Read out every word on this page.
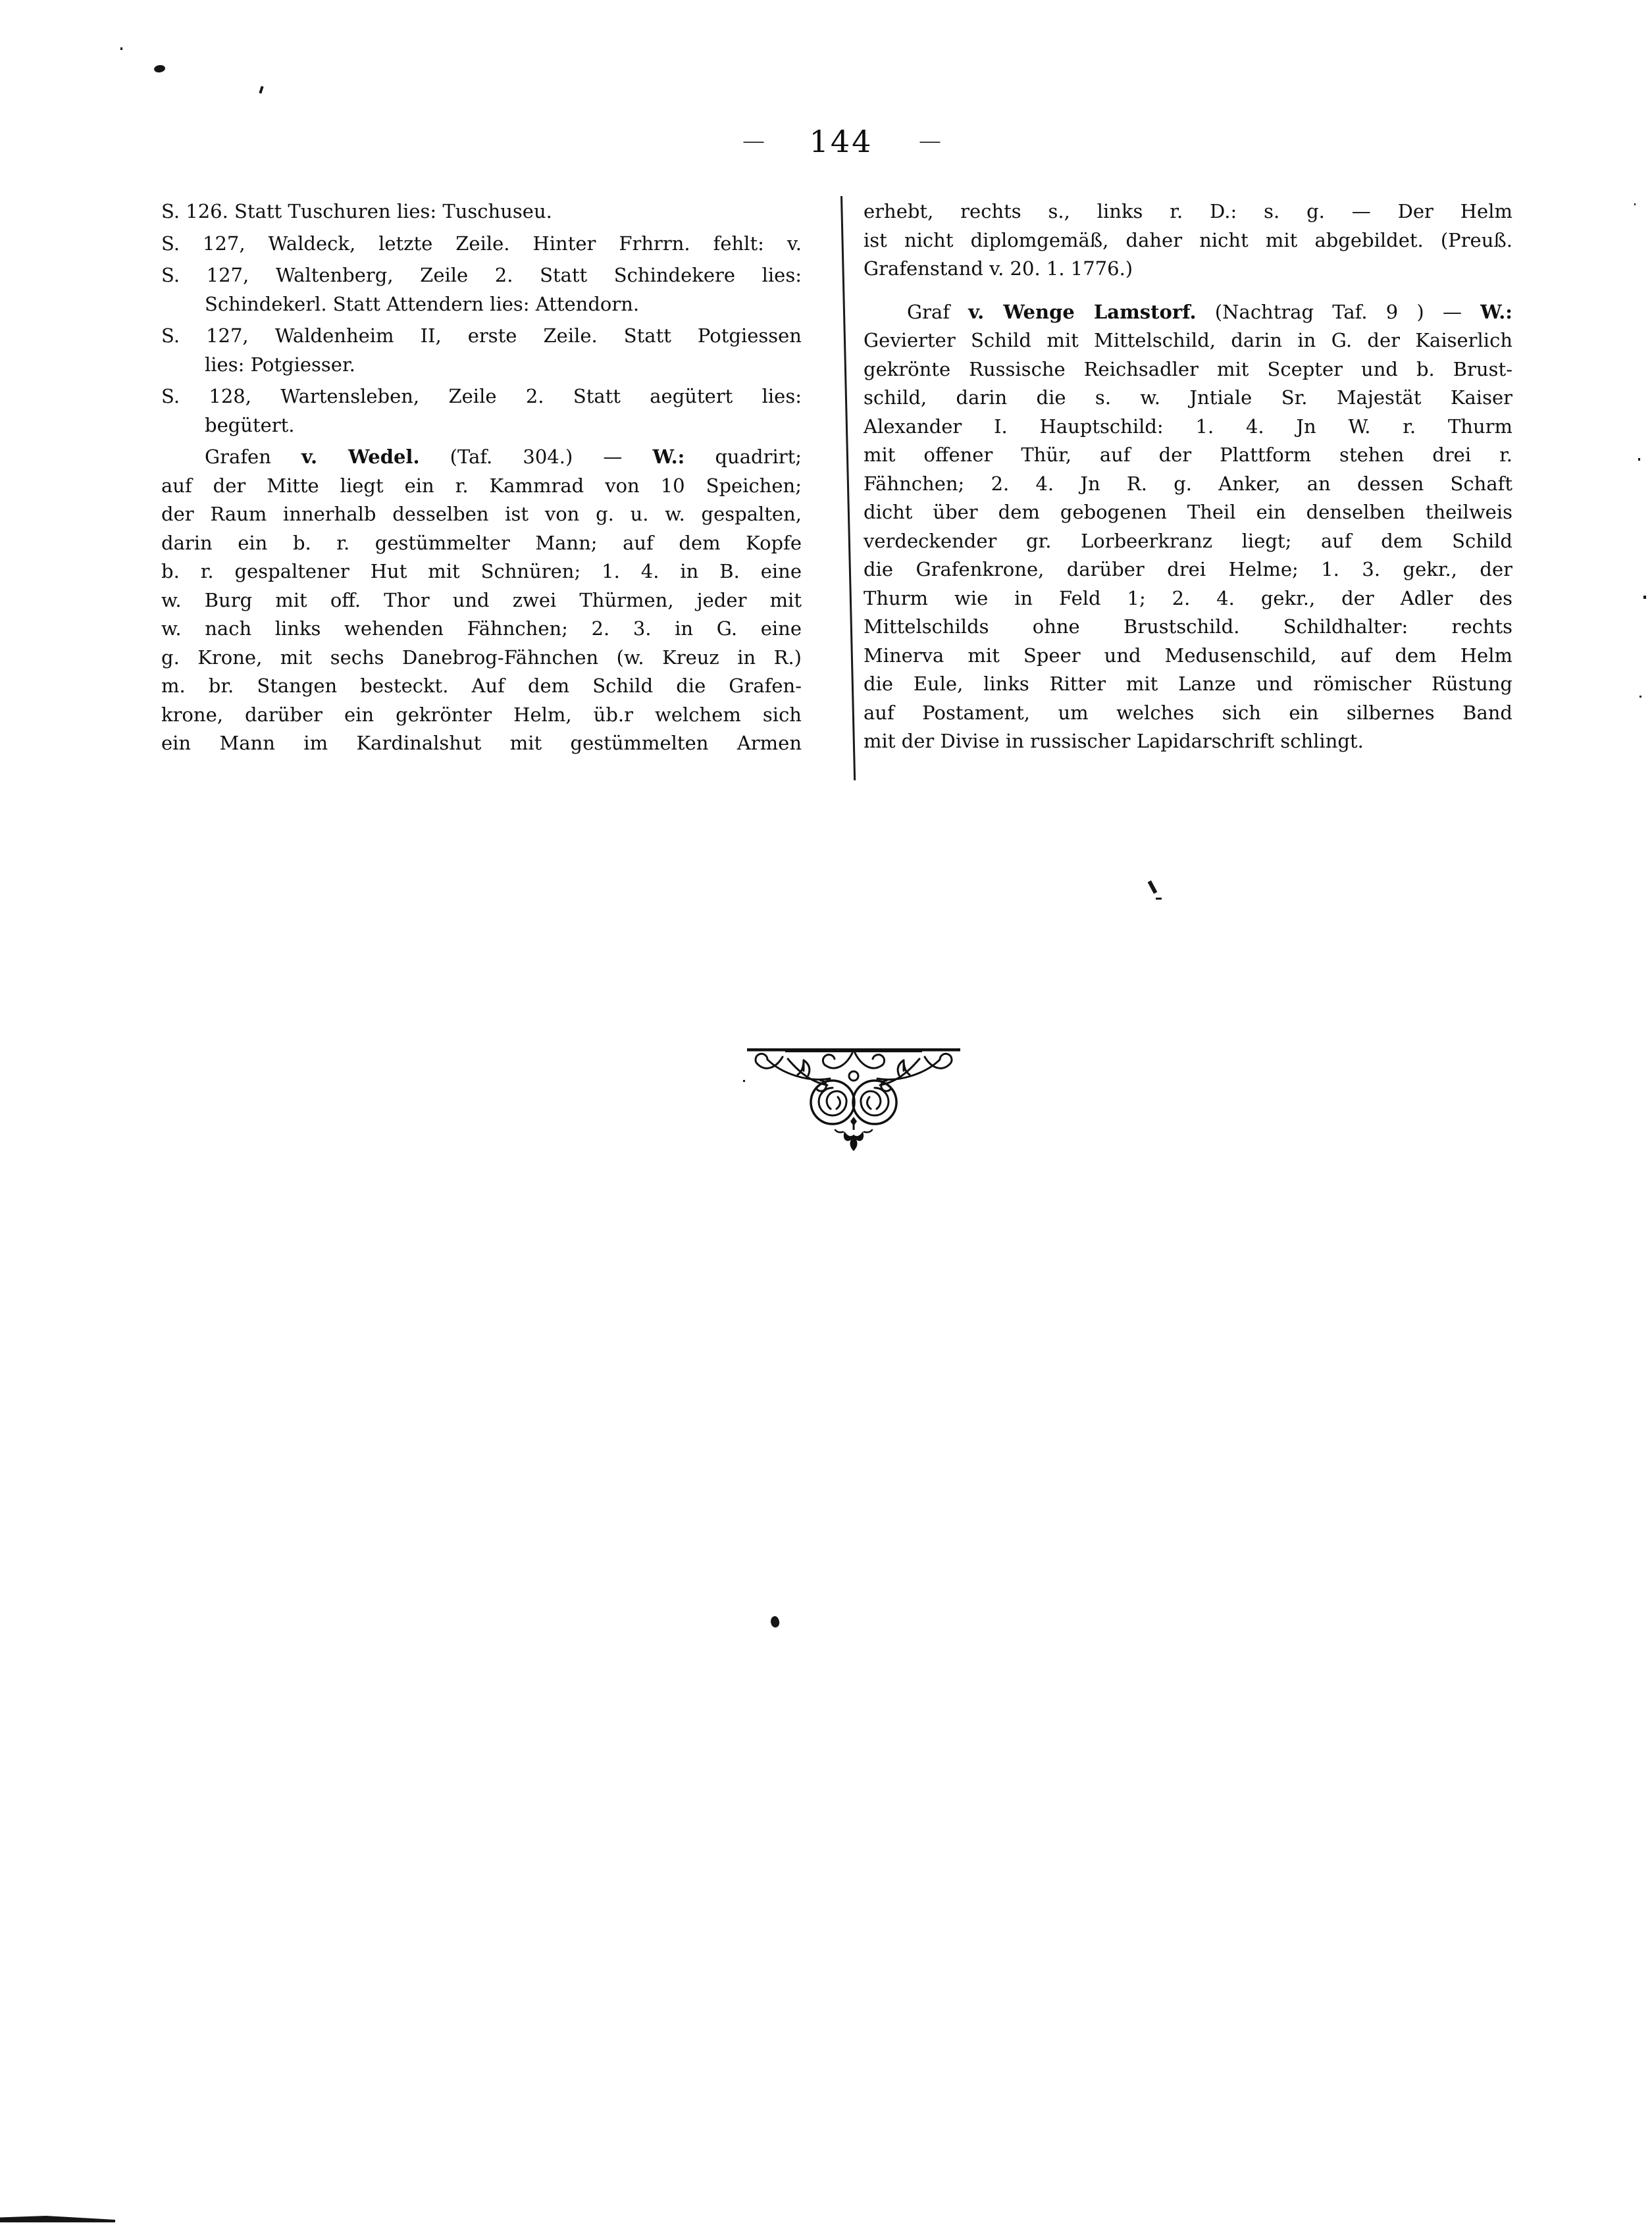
— 144 —
S. 126. Statt Tuschuren lies: Tuschuseu.
S. 127, Waldeck, letzte Zeile. Hinter Frhrrn. fehlt: v.
S. 127, Waltenberg, Zeile 2. Statt Schindekere lies:
Schindekerl. Statt Attendern lies: Attendorn.
S. 127, Waldenheim II, erste Zeile. Statt Potgiessen
lies: Potgiesser.
S. 128, Wartensleben, Zeile 2. Statt aegütert lies:
begütert.
Grafen v. Wedel. (Taf. 304.) — W.: quadrirt;
auf der Mitte liegt ein r. Kammrad von 10 Speichen;
der Raum innerhalb desselben ist von g. u. w. gespalten,
darin ein b. r. gestümmelter Mann; auf dem Kopfe
b. r. gespaltener Hut mit Schnüren; 1. 4. in B. eine
w. Burg mit off. Thor und zwei Thürmen, jeder mit
w. nach links wehenden Fähnchen; 2. 3. in G. eine
g. Krone, mit sechs Danebrog-Fähnchen (w. Kreuz in R.)
m. br. Stangen besteckt. Auf dem Schild die Grafen-
krone, darüber ein gekrönter Helm, üb.r welchem sich
ein Mann im Kardinalshut mit gestümmelten Armen
erhebt, rechts s., links r. D.: s. g. — Der Helm
ist nicht diplomgemäß, daher nicht mit abgebildet. (Preuß.
Grafenstand v. 20. 1. 1776.)
Graf v. Wenge Lamstorf. (Nachtrag Taf. 9 ) — W.:
Gevierter Schild mit Mittelschild, darin in G. der Kaiserlich
gekrönte Russische Reichsadler mit Scepter und b. Brust-
schild, darin die s. w. Jntiale Sr. Majestät Kaiser
Alexander I. Hauptschild: 1. 4. Jn W. r. Thurm
mit offener Thür, auf der Plattform stehen drei r.
Fähnchen; 2. 4. Jn R. g. Anker, an dessen Schaft
dicht über dem gebogenen Theil ein denselben theilweis
verdeckender gr. Lorbeerkranz liegt; auf dem Schild
die Grafenkrone, darüber drei Helme; 1. 3. gekr., der
Thurm wie in Feld 1; 2. 4. gekr., der Adler des
Mittelschilds ohne Brustschild. Schildhalter: rechts
Minerva mit Speer und Medusenschild, auf dem Helm
die Eule, links Ritter mit Lanze und römischer Rüstung
auf Postament, um welches sich ein silbernes Band
mit der Divise in russischer Lapidarschrift schlingt.
